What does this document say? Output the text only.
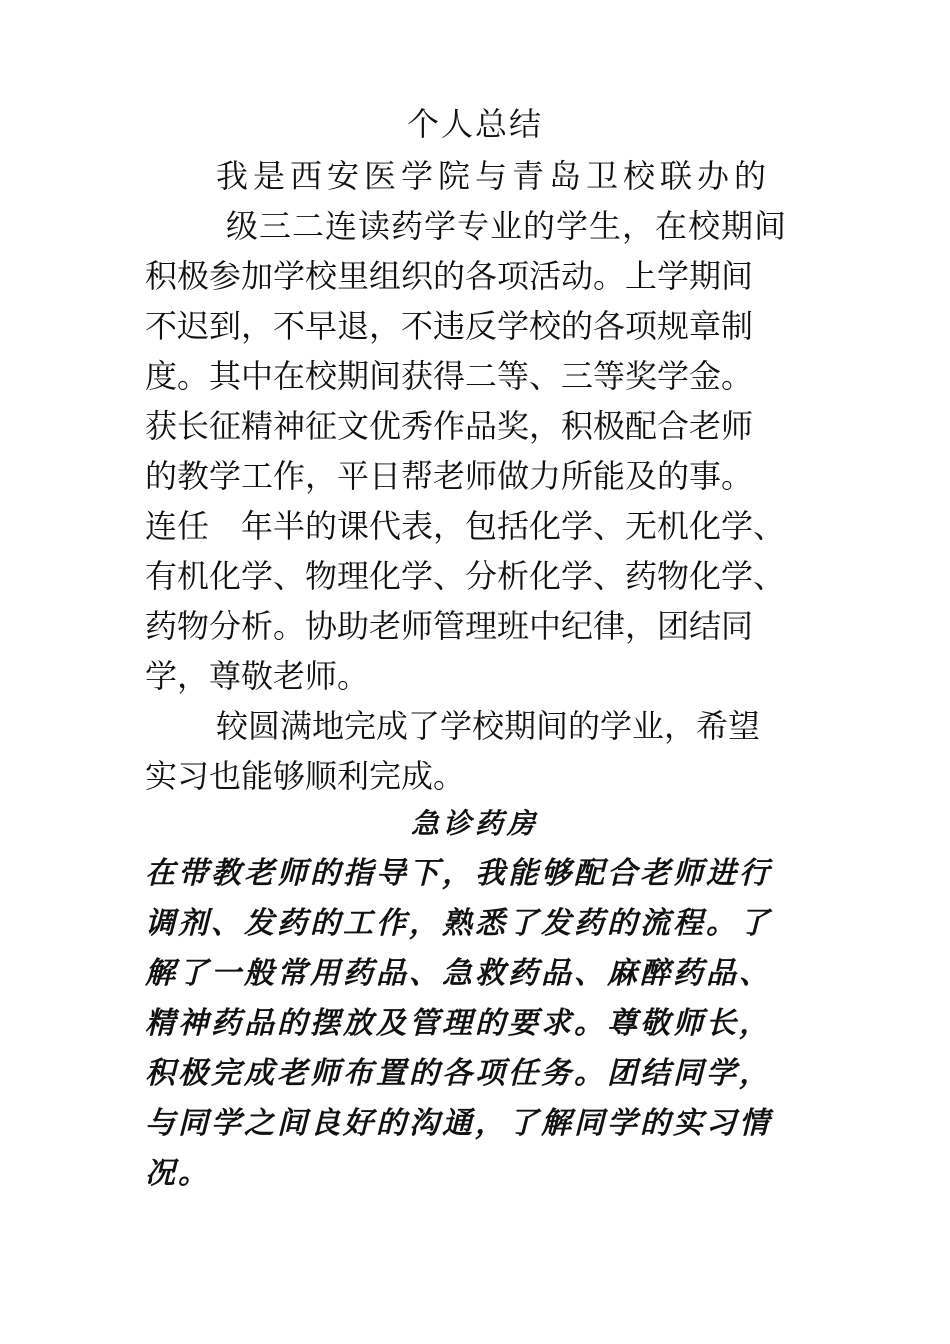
个人总结
我是西安医学院与青岛卫校联办的
级三二连读药学专业的学生，在校期间
积极参加学校里组织的各项活动。上学期间
不迟到，不早退，不违反学校的各项规章制
度。其中在校期间获得二等、三等奖学金。
获长征精神征文优秀作品奖，积极配合老师
的教学工作，平日帮老师做力所能及的事。
连任　年半的课代表，包括化学、无机化学、
有机化学、物理化学、分析化学、药物化学、
药物分析。协助老师管理班中纪律，团结同
学，尊敬老师。
较圆满地完成了学校期间的学业，希望
实习也能够顺利完成。
急诊药房
在带教老师的指导下，我能够配合老师进行
调剂、发药的工作，熟悉了发药的流程。了
解了一般常用药品、急救药品、麻醉药品、
精神药品的摆放及管理的要求。尊敬师长，
积极完成老师布置的各项任务。团结同学，
与同学之间良好的沟通，了解同学的实习情
况。
